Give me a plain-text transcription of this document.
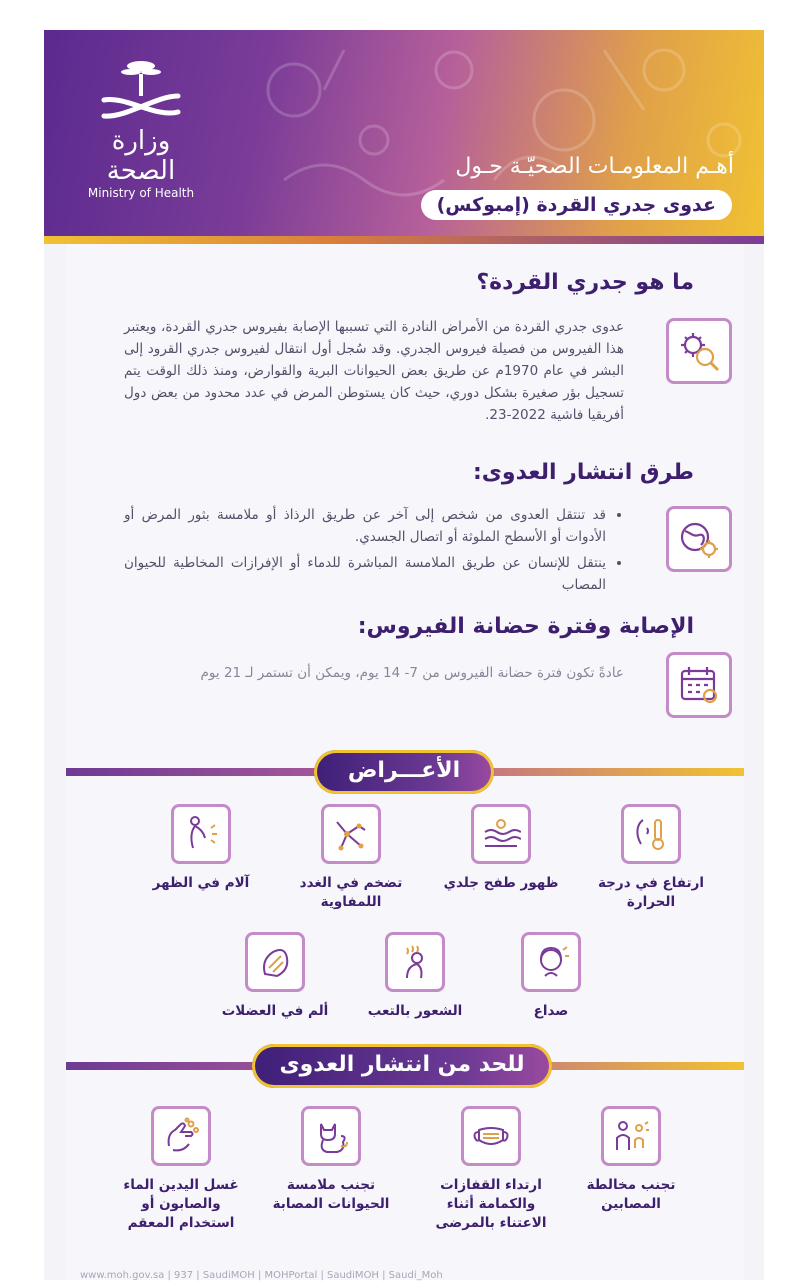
وزارة الصحة
Ministry of Health
أهـم المعلومـات الصحيّـة حـول
عدوى جدري القردة (إمبوكس)
ما هو جدري القردة؟
عدوى جدري القردة من الأمراض النادرة التي تسببها الإصابة بفيروس جدري القردة، ويعتبر هذا الفيروس من فصيلة فيروس الجدري. وقد سُجل أول انتقال لفيروس جدري القرود إلى البشر في عام 1970م عن طريق بعض الحيوانات البرية والقوارض، ومنذ ذلك الوقت يتم تسجيل بؤر صغيرة بشكل دوري، حيث كان يستوطن المرض في عدد محدود من بعض دول أفريقيا فاشية 2022-23.
طرق انتشار العدوى:
• قد تنتقل العدوى من شخص إلى آخر عن طريق الرذاذ أو ملامسة بثور المرض أو الأدوات أو الأسطح الملوثة أو اتصال الجسدي.
• ينتقل للإنسان عن طريق الملامسة المباشرة للدماء أو الإفرازات المخاطية للحيوان المصاب
الإصابة وفترة حضانة الفيروس:
عادةً تكون فترة حضانة الفيروس من 7- 14 يوم، ويمكن أن تستمر لـ 21 يوم
الأعـــراض
ارتفاع في درجة الحرارة
ظهور طفح جلدي
تضخم في الغدد اللمفاوية
آلام في الظهر
صداع
الشعور بالتعب
ألم في العضلات
للحد من انتشار العدوى
تجنب مخالطة المصابين
ارتداء القفازات والكمامة أثناء الاعتناء بالمرضى
تجنب ملامسة الحيوانات المصابة
غسل اليدين الماء والصابون أو استخدام المعقم
www.moh.gov.sa | 937 | SaudiMOH | MOHPortal | SaudiMOH | Saudi_Moh
